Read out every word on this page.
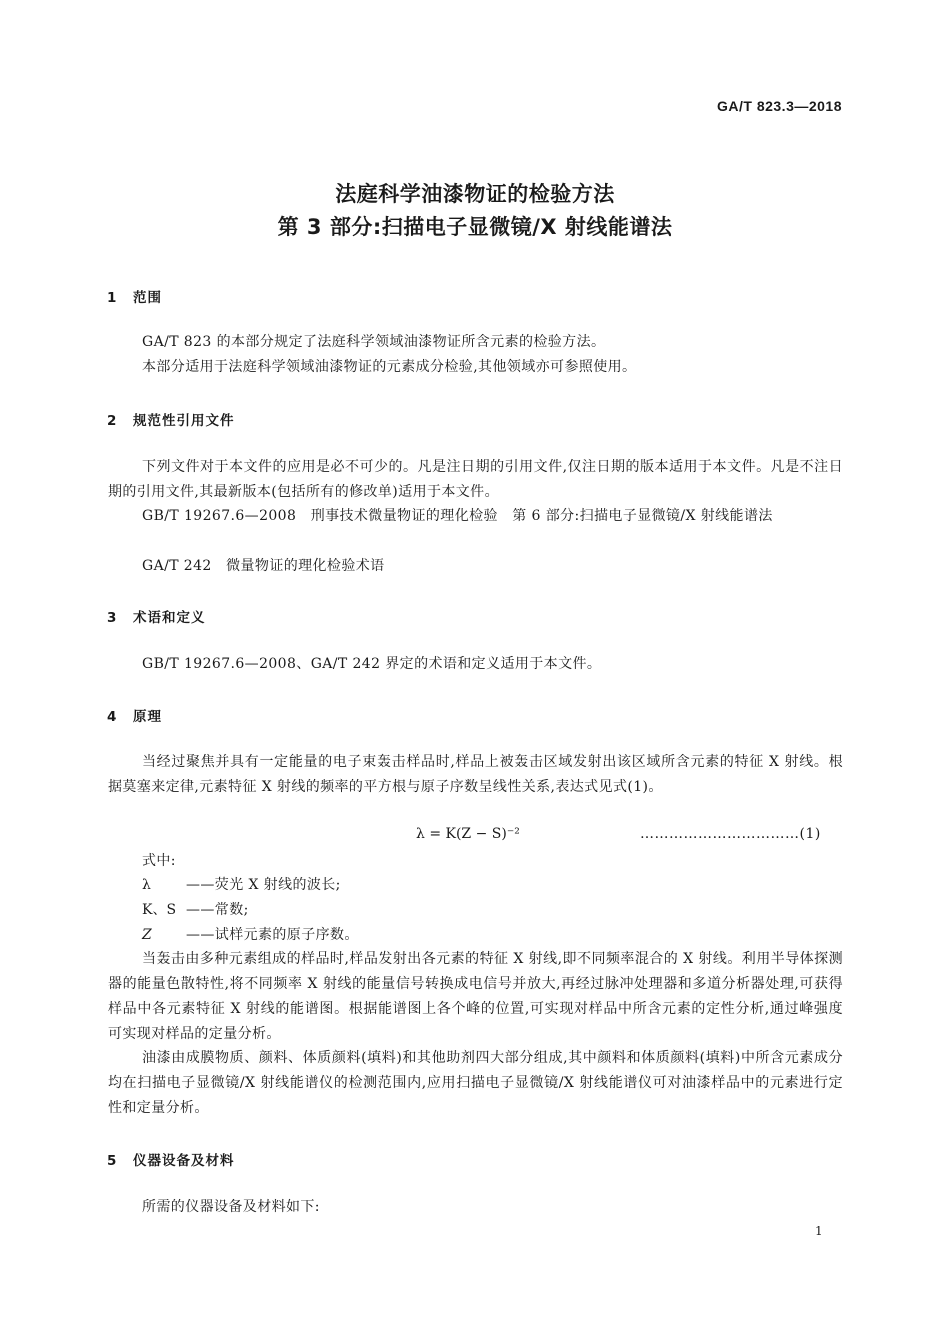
GA/T 823.3—2018
法庭科学油漆物证的检验方法
第 3 部分:扫描电子显微镜/X 射线能谱法
1 范围

GA/T 823 的本部分规定了法庭科学领域油漆物证所含元素的检验方法。

本部分适用于法庭科学领域油漆物证的元素成分检验,其他领域亦可参照使用。

2 规范性引用文件

下列文件对于本文件的应用是必不可少的。凡是注日期的引用文件,仅注日期的版本适用于本文件。凡是不注日期的引用文件,其最新版本(包括所有的修改单)适用于本文件。

GB/T 19267.6—2008　刑事技术微量物证的理化检验　第 6 部分:扫描电子显微镜/X 射线能谱法

GA/T 242　微量物证的理化检验术语

3 术语和定义

GB/T 19267.6—2008、GA/T 242 界定的术语和定义适用于本文件。

4 原理

当经过聚焦并具有一定能量的电子束轰击样品时,样品上被轰击区域发射出该区域所含元素的特征 X 射线。根据莫塞来定律,元素特征 X 射线的频率的平方根与原子序数呈线性关系,表达式见式(1)。

λ = K(Z − S)⁻²	……………………………(1)
式中:
λ	——荧光 X 射线的波长;
K、S ——常数;
Z ——试样元素的原子序数。

当轰击由多种元素组成的样品时,样品发射出各元素的特征 X 射线,即不同频率混合的 X 射线。利用半导体探测器的能量色散特性,将不同频率 X 射线的能量信号转换成电信号并放大,再经过脉冲处理器和多道分析器处理,可获得样品中各元素特征 X 射线的能谱图。根据能谱图上各个峰的位置,可实现对样品中所含元素的定性分析,通过峰强度可实现对样品的定量分析。

油漆由成膜物质、颜料、体质颜料(填料)和其他助剂四大部分组成,其中颜料和体质颜料(填料)中所含元素成分均在扫描电子显微镜/X 射线能谱仪的检测范围内,应用扫描电子显微镜/X 射线能谱仪可对油漆样品中的元素进行定性和定量分析。

5 仪器设备及材料

所需的仪器设备及材料如下:

1
